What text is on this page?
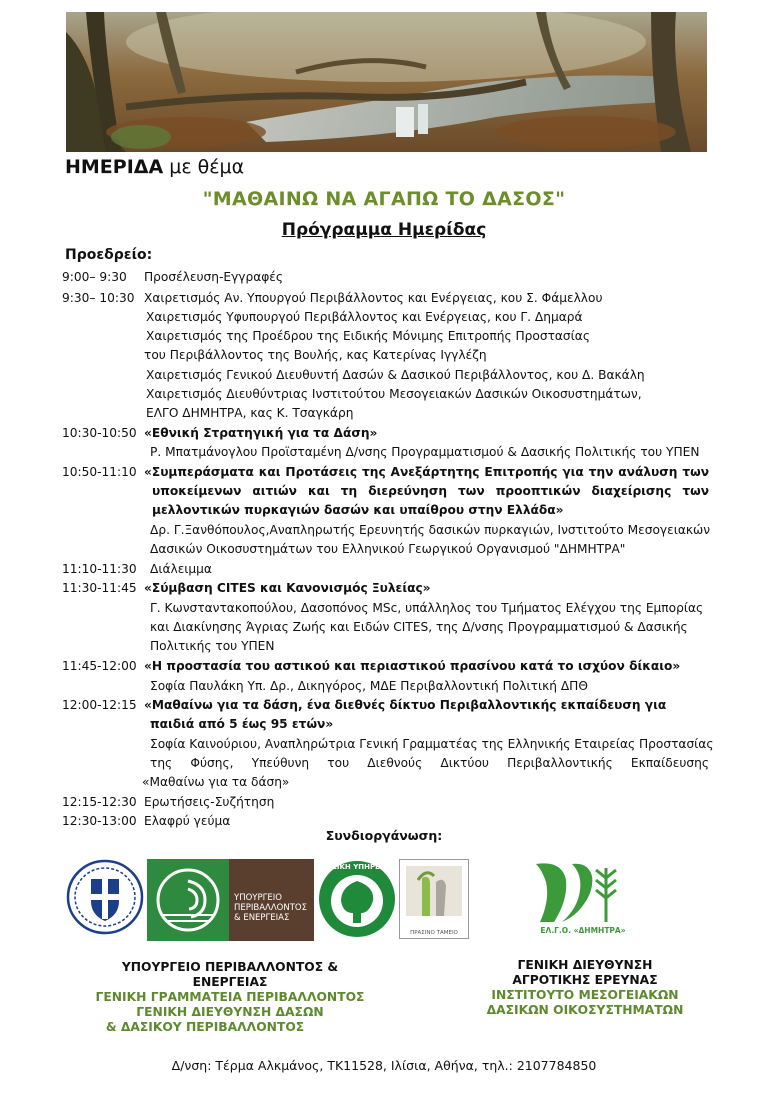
ΗΜΕΡΙΔΑ με θέμα
"ΜΑΘΑΙΝΩ ΝΑ ΑΓΑΠΩ ΤΟ ΔΑΣΟΣ"
Πρόγραμμα Ημερίδας
Προεδρείο:
9:00– 9:30 Προσέλευση-Εγγραφές
9:30– 10:30 Χαιρετισμός Αν. Υπουργού Περιβάλλοντος και Ενέργειας, κου Σ. Φάμελλου
Χαιρετισμός Υφυπουργού Περιβάλλοντος και Ενέργειας, κου Γ. Δημαρά
Χαιρετισμός της Προέδρου της Ειδικής Μόνιμης Επιτροπής Προστασίας
του Περιβάλλοντος της Βουλής, κας Κατερίνας Ιγγλέζη
Χαιρετισμός Γενικού Διευθυντή Δασών & Δασικού Περιβάλλοντος, κου Δ. Βακάλη
Χαιρετισμός Διευθύντριας Ινστιτούτου Μεσογειακών Δασικών Οικοσυστημάτων,
ΕΛΓΟ ΔΗΜΗΤΡΑ, κας Κ. Τσαγκάρη
10:30-10:50 «Εθνική Στρατηγική για τα Δάση»
Ρ. Μπατμάνογλου Προϊσταμένη Δ/νσης Προγραμματισμού & Δασικής Πολιτικής του ΥΠΕΝ
10:50-11:10 «Συμπεράσματα και Προτάσεις της Ανεξάρτητης Επιτροπής για την ανάλυση των
υποκείμενων αιτιών και τη διερεύνηση των προοπτικών διαχείρισης των
μελλοντικών πυρκαγιών δασών και υπαίθρου στην Ελλάδα»
Δρ. Γ.Ξανθόπουλος,Αναπληρωτής Ερευνητής δασικών πυρκαγιών, Ινστιτούτο Μεσογειακών
Δασικών Οικοσυστημάτων του Ελληνικού Γεωργικού Οργανισμού "ΔΗΜΗΤΡΑ"
11:10-11:30 Διάλειμμα
11:30-11:45 «Σύμβαση CITES και Κανονισμός Ξυλείας»
Γ. Κωνσταντακοπούλου, Δασοπόνος MSc, υπάλληλος του Τμήματος Ελέγχου της Εμπορίας
και Διακίνησης Άγριας Ζωής και Ειδών CITES, της Δ/νσης Προγραμματισμού & Δασικής
Πολιτικής του ΥΠΕΝ
11:45-12:00 «Η προστασία του αστικού και περιαστικού πρασίνου κατά το ισχύον δίκαιο»
Σοφία Παυλάκη Υπ. Δρ., Δικηγόρος, ΜΔΕ Περιβαλλοντική Πολιτική ΔΠΘ
12:00-12:15 «Μαθαίνω για τα δάση, ένα διεθνές δίκτυο Περιβαλλοντικής εκπαίδευση για
παιδιά από 5 έως 95 ετών»
Σοφία Καινούριου, Αναπληρώτρια Γενική Γραμματέας της Ελληνικής Εταιρείας Προστασίας
της Φύσης, Υπεύθυνη του Διεθνούς Δικτύου Περιβαλλοντικής Εκπαίδευσης
«Μαθαίνω για τα δάση»
12:15-12:30 Ερωτήσεις-Συζήτηση
12:30-13:00 Ελαφρύ γεύμα
Συνδιοργάνωση:
ΥΠΟΥΡΓΕΙΟ
ΠΕΡΙΒΑΛΛΟΝΤΟΣ
& ΕΝΕΡΓΕΙΑΣ
ΔΑΣΙΚΗ ΥΠΗΡΕΣΙΑ
ΠΡΑΣΙΝΟ ΤΑΜΕΙΟ	ΕΛ.Γ.Ο. «ΔΗΜΗΤΡΑ»
ΥΠΟΥΡΓΕΙΟ ΠΕΡΙΒΑΛΛΟΝΤΟΣ &
ΕΝΕΡΓΕΙΑΣ
ΓΕΝΙΚΗ ΓΡΑΜΜΑΤΕΙΑ ΠΕΡΙΒΑΛΛΟΝΤΟΣ
ΓΕΝΙΚΗ ΔΙΕΥΘΥΝΣΗ ΔΑΣΩΝ
& ΔΑΣΙΚΟΥ ΠΕΡΙΒΑΛΛΟΝΤΟΣ
ΓΕΝΙΚΗ ΔΙΕΥΘΥΝΣΗ
ΑΓΡΟΤΙΚΗΣ ΕΡΕΥΝΑΣ
ΙΝΣΤΙΤΟΥΤΟ ΜΕΣΟΓΕΙΑΚΩΝ
ΔΑΣΙΚΩΝ ΟΙΚΟΣΥΣΤΗΜΑΤΩΝ
Δ/νση: Τέρμα Αλκμάνος, ΤΚ11528, Ιλίσια, Αθήνα, τηλ.: 2107784850
